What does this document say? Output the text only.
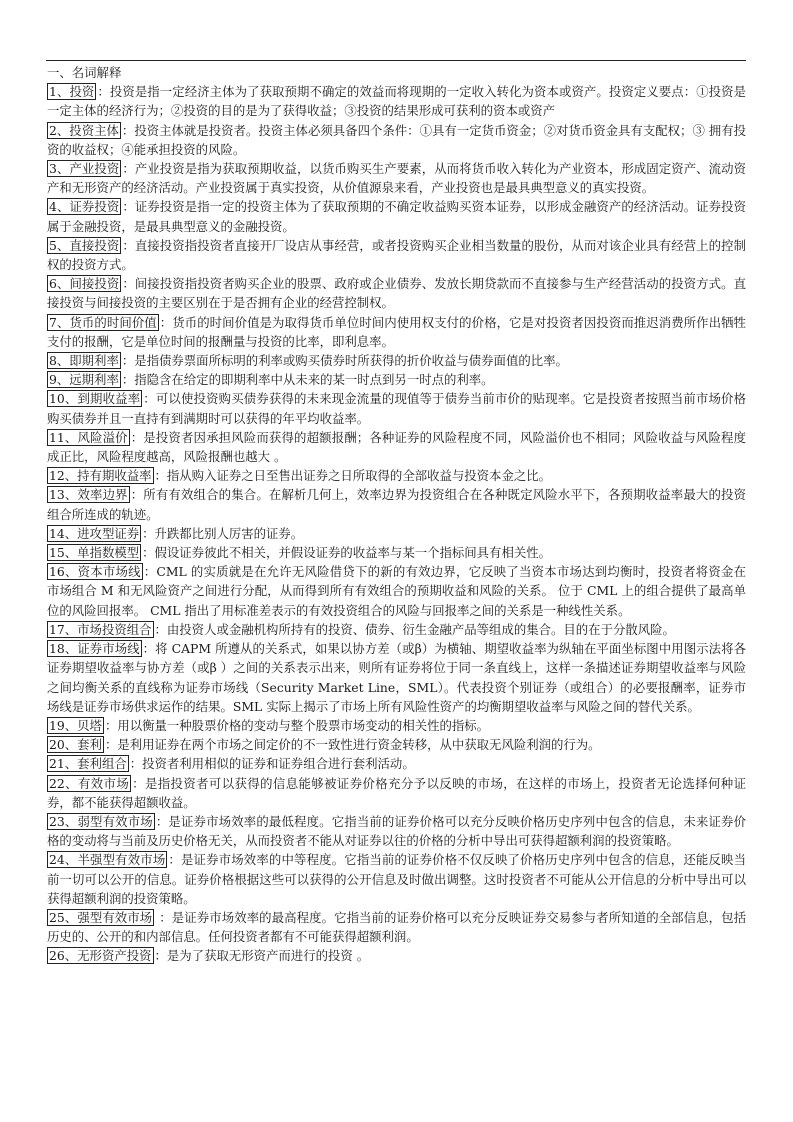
一、名词解释
1、投资 ：投资是指一定经济主体为了获取预期不确定的效益而将现期的一定收入转化为资本或资产。投资定义要点：①投资是一定主体的经济行为；②投资的目的是为了获得收益；③投资的结果形成可获利的资本或资产
2、投资主体 ：投资主体就是投资者。投资主体必须具备四个条件：①具有一定货币资金；②对货币资金具有支配权；③ 拥有投资的收益权；④能承担投资的风险。
3、产业投资 ：产业投资是指为获取预期收益，以货币购买生产要素，从而将货币收入转化为产业资本，形成固定资产、流动资产和无形资产的经济活动。产业投资属于真实投资，从价值源泉来看，产业投资也是最具典型意义的真实投资。
4、证券投资 ：证券投资是指一定的投资主体为了获取预期的不确定收益购买资本证券，以形成金融资产的经济活动。证券投资属于金融投资，是最具典型意义的金融投资。
5、直接投资 ：直接投资指投资者直接开厂设店从事经营，或者投资购买企业相当数量的股份，从而对该企业具有经营上的控制权的投资方式。
6、间接投资 ：间接投资指投资者购买企业的股票、政府或企业债券、发放长期贷款而不直接参与生产经营活动的投资方式。直接投资与间接投资的主要区别在于是否拥有企业的经营控制权。
7、货币的时间价值 ：货币的时间价值是为取得货币单位时间内使用权支付的价格，它是对投资者因投资而推迟消费所作出牺牲支付的报酬，它是单位时间的报酬量与投资的比率，即利息率。
8、即期利率 ：是指债券票面所标明的利率或购买债券时所获得的折价收益与债券面值的比率。
9、远期利率 ：指隐含在给定的即期利率中从未来的某一时点到另一时点的利率。
10、到期收益率 ：可以使投资购买债券获得的未来现金流量的现值等于债券当前市价的贴现率。它是投资者按照当前市场价格购买债券并且一直持有到满期时可以获得的年平均收益率。
11、风险溢价 ：是投资者因承担风险而获得的超额报酬；各种证券的风险程度不同，风险溢价也不相同；风险收益与风险程度成正比，风险程度越高，风险报酬也越大 。
12、持有期收益率 ：指从购入证券之日至售出证券之日所取得的全部收益与投资本金之比。
13、效率边界 ：所有有效组合的集合。在解析几何上，效率边界为投资组合在各种既定风险水平下，各预期收益率最大的投资组合所连成的轨迹。
14、进攻型证券 ：升跌都比别人厉害的证券。
15、单指数模型 ：假设证券彼此不相关，并假设证券的收益率与某一个指标间具有相关性。
16、资本市场线 ：CML 的实质就是在允许无风险借贷下的新的有效边界，它反映了当资本市场达到均衡时，投资者将资金在市场组合 M 和无风险资产之间进行分配，从而得到所有有效组合的预期收益和风险的关系。 位于 CML 上的组合提供了最高单位的风险回报率。 CML 指出了用标准差表示的有效投资组合的风险与回报率之间的关系是一种线性关系。
17、市场投资组合 ：由投资人或金融机构所持有的投资、债券、衍生金融产品等组成的集合。目的在于分散风险。
18、证券市场线 ：将 CAPM 所遵从的关系式，如果以协方差（或β）为横轴、期望收益率为纵轴在平面坐标图中用图示法将各证券期望收益率与协方差（或β ）之间的关系表示出来，则所有证券将位于同一条直线上，这样一条描述证券期望收益率与风险之间均衡关系的直线称为证券市场线（Security Market Line，SML）。代表投资个别证券（或组合）的必要报酬率，证券市场线是证券市场供求运作的结果。SML 实际上揭示了市场上所有风险性资产的均衡期望收益率与风险之间的替代关系。
19、贝塔 ：用以衡量一种股票价格的变动与整个股票市场变动的相关性的指标。
20、套利 ：是利用证券在两个市场之间定价的不一致性进行资金转移，从中获取无风险利润的行为。
21、套利组合 ：投资者利用相似的证券和证券组合进行套利活动。
22、有效市场 ：是指投资者可以获得的信息能够被证券价格充分予以反映的市场，在这样的市场上，投资者无论选择何种证券，都不能获得超额收益。
23、弱型有效市场 ：是证券市场效率的最低程度。它指当前的证券价格可以充分反映价格历史序列中包含的信息，未来证券价格的变动将与当前及历史价格无关，从而投资者不能从对证券以往的价格的分析中导出可获得超额利润的投资策略。
24、半强型有效市场 ：是证券市场效率的中等程度。它指当前的证券价格不仅反映了价格历史序列中包含的信息，还能反映当前一切可以公开的信息。证券价格根据这些可以获得的公开信息及时做出调整。这时投资者不可能从公开信息的分析中导出可以获得超额利润的投资策略。
25、强型有效市场 ：是证券市场效率的最高程度。它指当前的证券价格可以充分反映证券交易参与者所知道的全部信息，包括历史的、公开的和内部信息。任何投资者都有不可能获得超额利润。
26、无形资产投资 ：是为了获取无形资产而进行的投资 。
